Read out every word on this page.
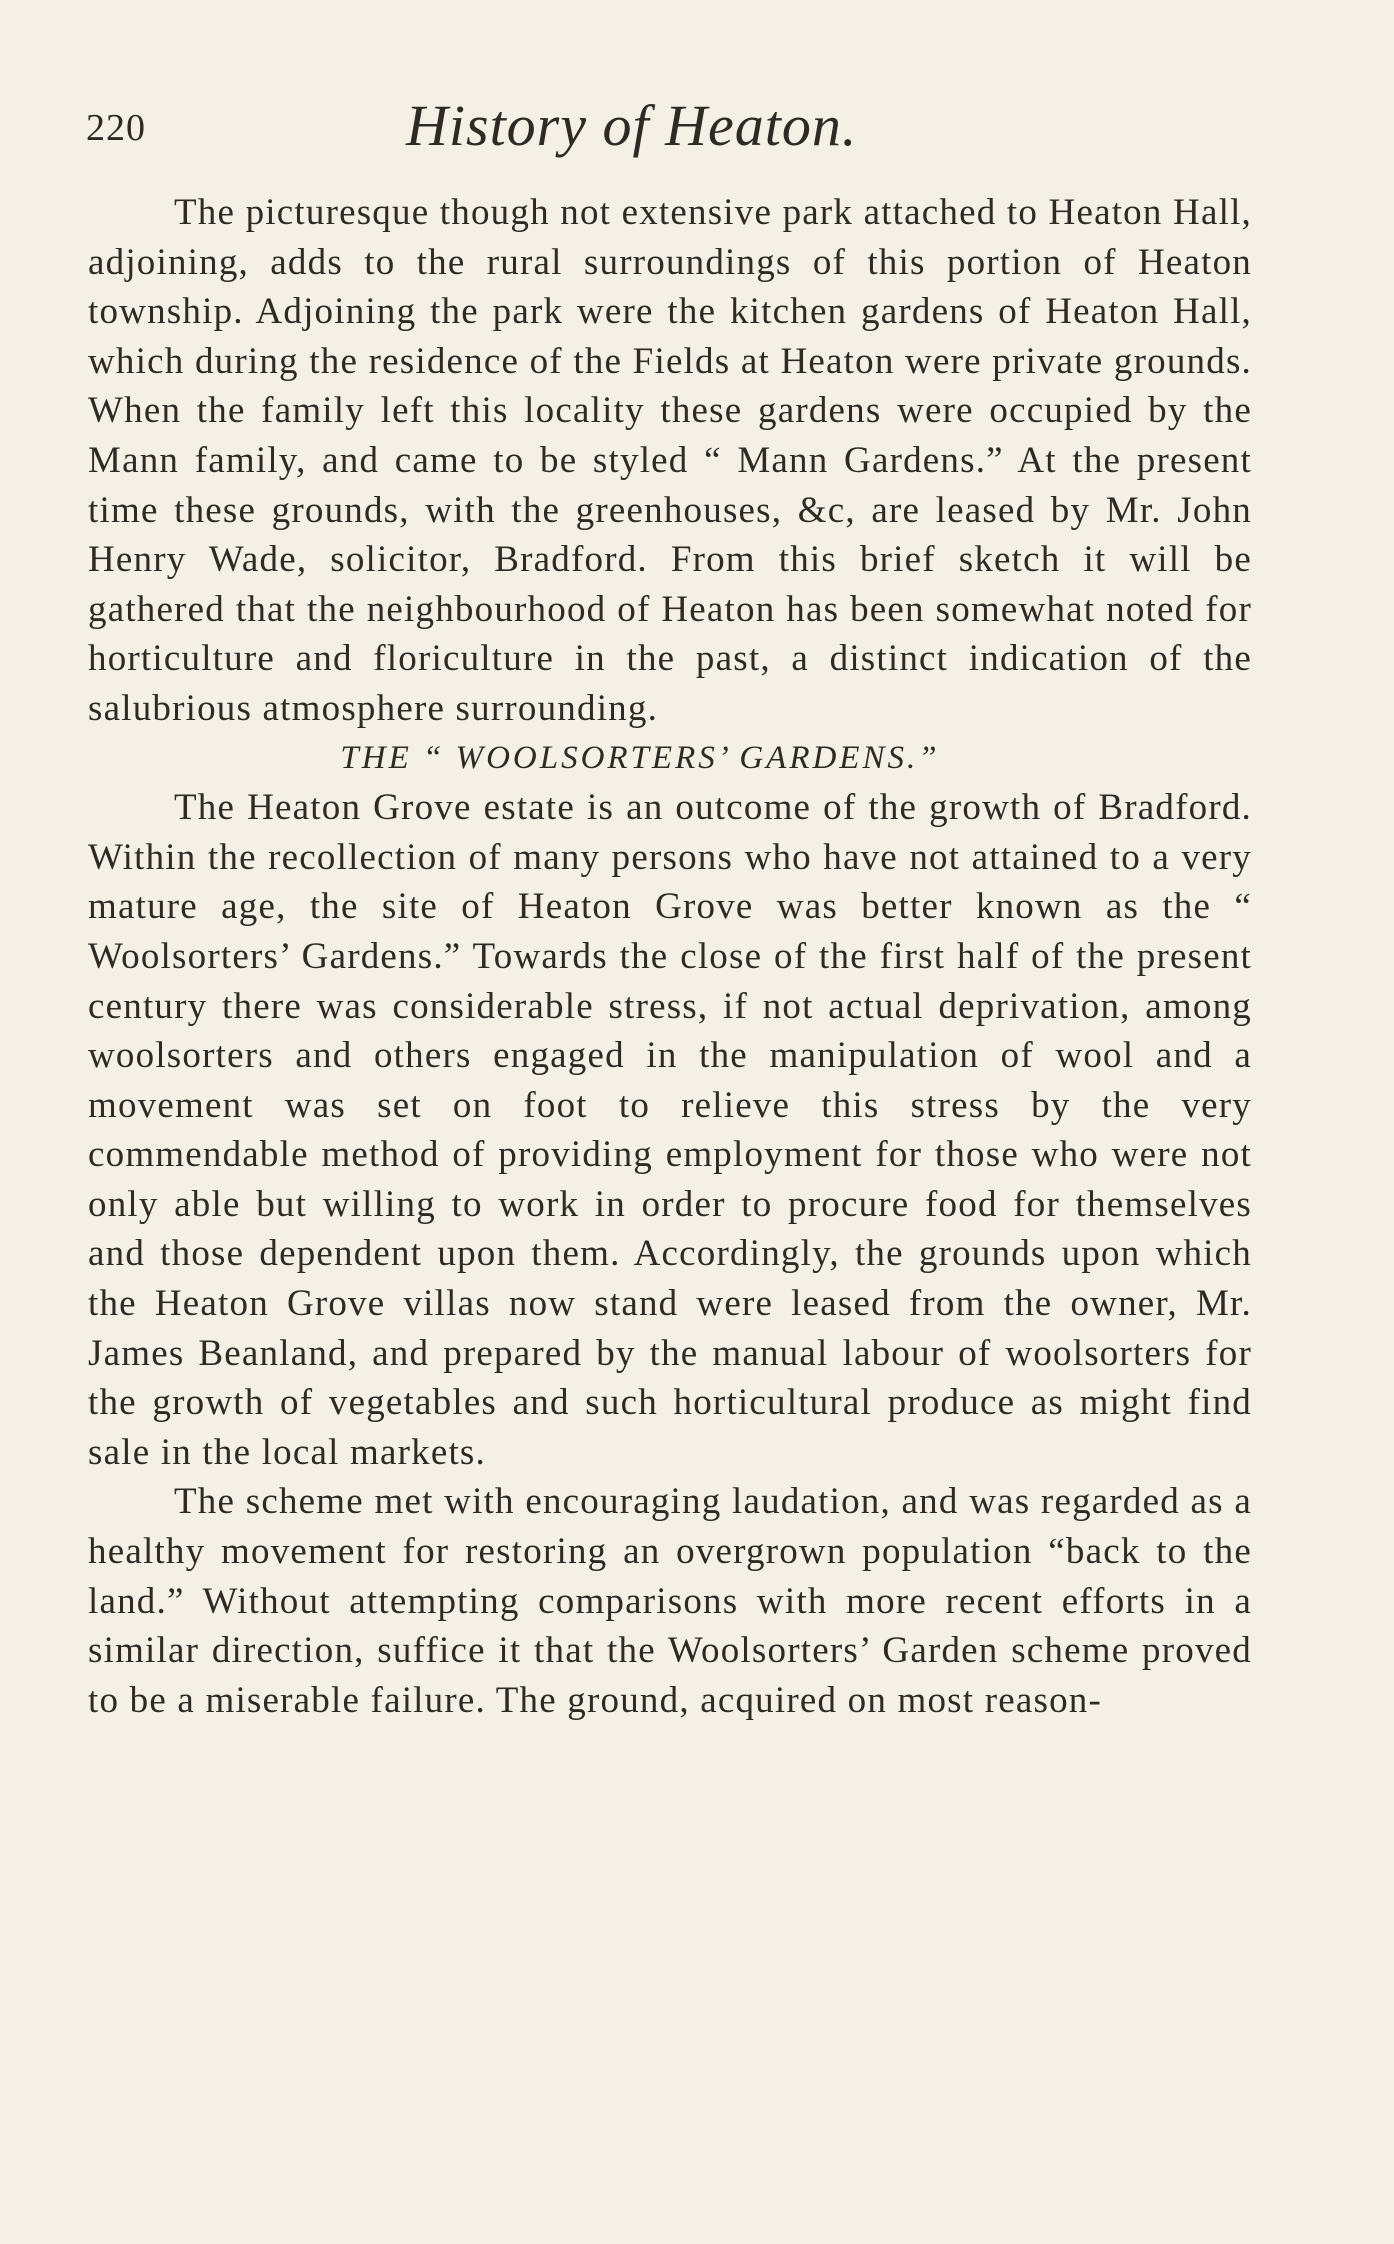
220	History of Heaton.

The picturesque though not extensive park attached to Heaton Hall, adjoining, adds to the rural surroundings of this portion of Heaton township. Adjoining the park were the kitchen gardens of Heaton Hall, which during the residence of the Fields at Heaton were private grounds. When the family left this locality these gardens were occupied by the Mann family, and came to be styled “ Mann Gardens.” At the present time these grounds, with the greenhouses, &c, are leased by Mr. John Henry Wade, solicitor, Bradford. From this brief sketch it will be gathered that the neighbourhood of Heaton has been somewhat noted for horticulture and floriculture in the past, a distinct indication of the salubrious atmosphere surrounding.

THE “ WOOLSORTERS’ GARDENS.”

The Heaton Grove estate is an outcome of the growth of Bradford. Within the recollection of many persons who have not attained to a very mature age, the site of Heaton Grove was better known as the “ Woolsorters’ Gardens.” Towards the close of the first half of the present century there was considerable stress, if not actual deprivation, among woolsorters and others engaged in the manipulation of wool and a movement was set on foot to relieve this stress by the very commendable method of providing employment for those who were not only able but willing to work in order to procure food for themselves and those dependent upon them. Accordingly, the grounds upon which the Heaton Grove villas now stand were leased from the owner, Mr. James Beanland, and prepared by the manual labour of woolsorters for the growth of vegetables and such horticultural produce as might find sale in the local markets.

The scheme met with encouraging laudation, and was regarded as a healthy movement for restoring an overgrown population “back to the land.” Without attempting comparisons with more recent efforts in a similar direction, suffice it that the Woolsorters’ Garden scheme proved to be a miserable failure. The ground, acquired on most reason-
